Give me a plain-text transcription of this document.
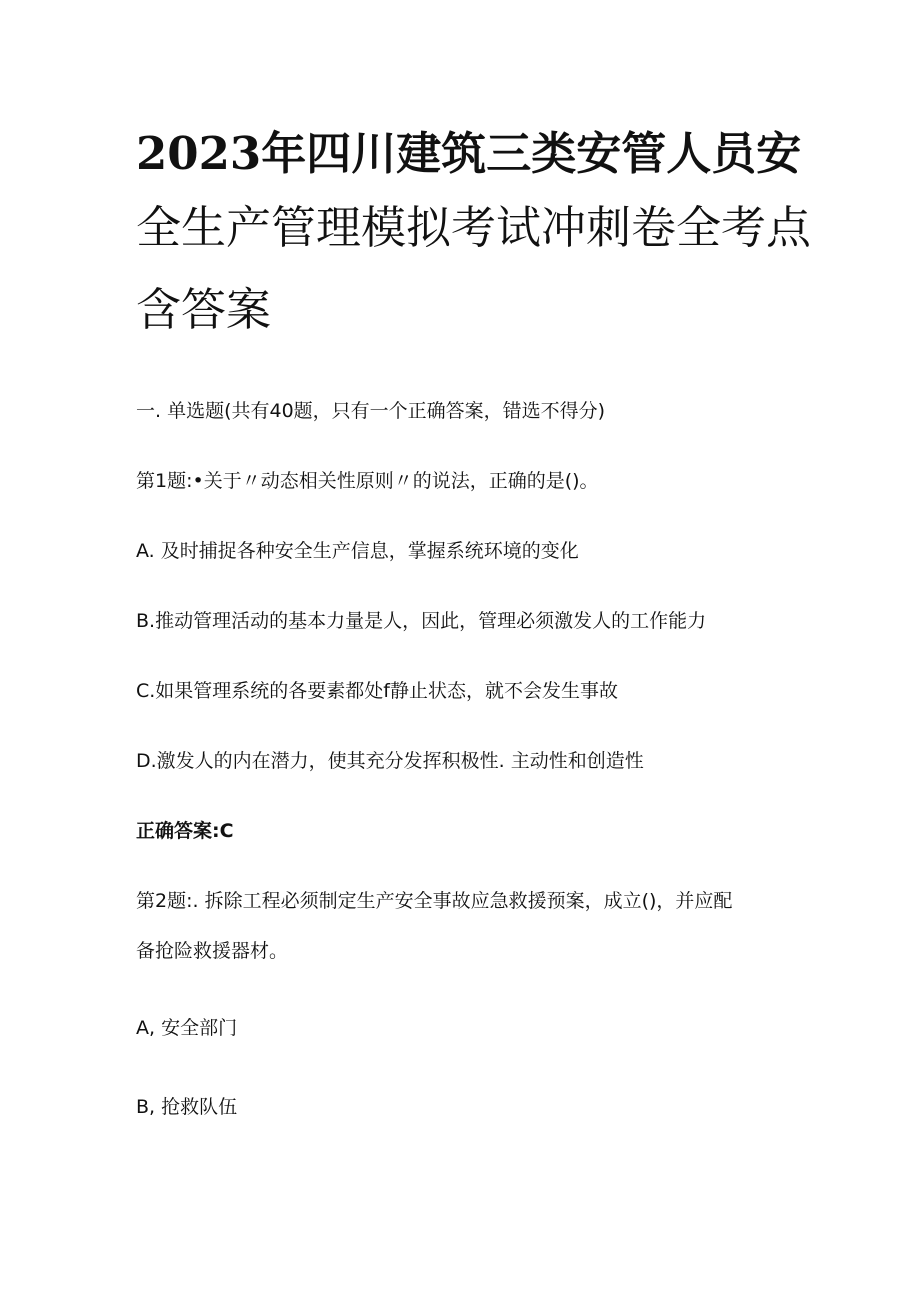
2023年四川建筑三类安管人员安
全生产管理模拟考试冲刺卷全考点
含答案

一. 单选题(共有40题，只有一个正确答案，错选不得分)

第1题:•关于〃动态相关性原则〃的说法，正确的是()。

A. 及时捕捉各种安全生产信息，掌握系统环境的变化

B.推动管理活动的基本力量是人，因此，管理必须激发人的工作能力

C.如果管理系统的各要素都处f静止状态，就不会发生事故

D.激发人的内在潜力，使其充分发挥积极性. 主动性和创造性

正确答案:C

第2题:. 拆除工程必须制定生产安全事故应急救援预案，成立()，并应配

备抢险救援器材。

A, 安全部门

B, 抢救队伍
